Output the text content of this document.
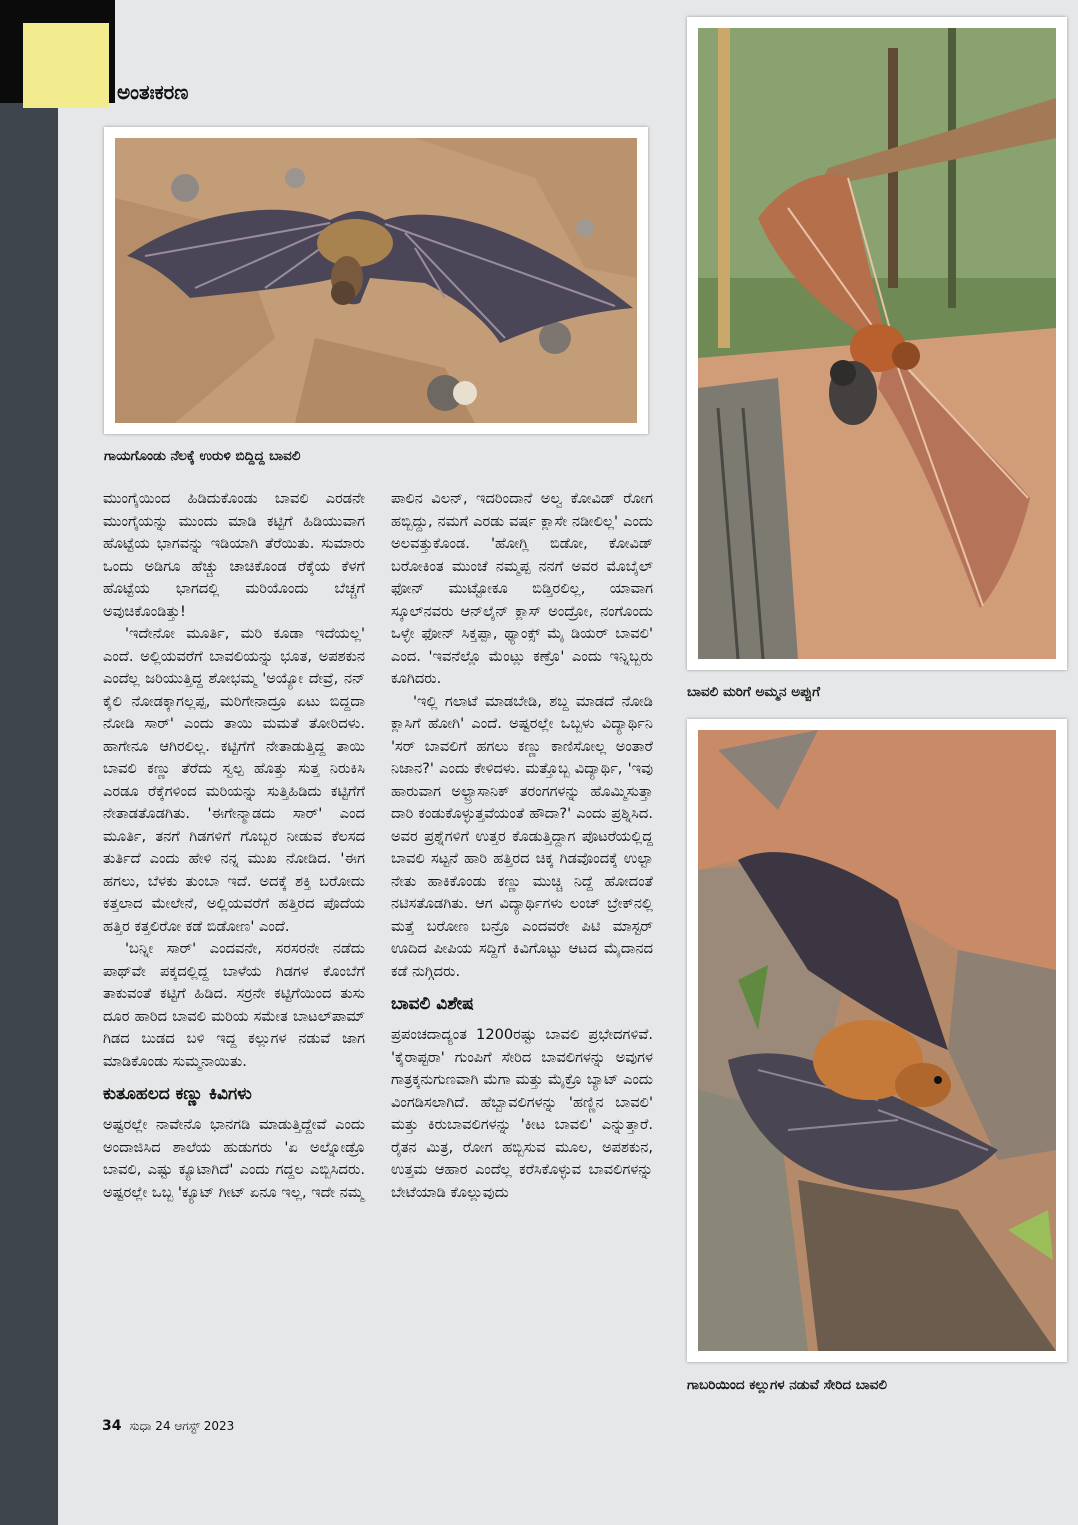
ಅಂತಃಕರಣ
ಗಾಯಗೊಂಡು ನೆಲಕ್ಕೆ ಉರುಳಿ ಬಿದ್ದಿದ್ದ ಬಾವಲಿ
ಬಾವಲಿ ಮರಿಗೆ ಅಮ್ಮನ ಅಪ್ಪುಗೆ
ಗಾಬರಿಯಿಂದ ಕಲ್ಲುಗಳ ನಡುವೆ ಸೇರಿದ ಬಾವಲಿ

ಮುಂಗೈಯಿಂದ ಹಿಡಿದುಕೊಂಡು ಬಾವಲಿ ಎರಡನೇ ಮುಂಗೈಯನ್ನು ಮುಂದು ಮಾಡಿ ಕಟ್ಟಿಗೆ ಹಿಡಿಯುವಾಗ ಹೊಟ್ಟೆಯ ಭಾಗವನ್ನು ಇಡಿಯಾಗಿ ತೆರೆಯಿತು. ಸುಮಾರು ಒಂದು ಅಡಿಗೂ ಹೆಚ್ಚು ಚಾಚಿಕೊಂಡ ರೆಕ್ಕೆಯ ಕೆಳಗೆ ಹೊಟ್ಟೆಯ ಭಾಗದಲ್ಲಿ ಮರಿಯೊಂದು ಬೆಚ್ಚಗೆ ಅವುಚಿಕೊಂಡಿತ್ತು!

'ಇದೇನೋ ಮೂರ್ತಿ, ಮರಿ ಕೂಡಾ ಇದೆಯಲ್ಲ' ಎಂದೆ. ಅಲ್ಲಿಯವರೆಗೆ ಬಾವಲಿಯನ್ನು ಭೂತ, ಅಪಶಕುನ ಎಂದೆಲ್ಲ ಜರಿಯುತ್ತಿದ್ದ ಶೋಭಮ್ಮ 'ಅಯ್ಯೋ ದೇವ್ರೆ, ನನ್ ಕೈಲಿ ನೋಡಕ್ಕಾಗಲ್ಲಪ್ಪ, ಮರಿಗೇನಾದ್ರೂ ಏಟು ಬಿದ್ದದಾ ನೋಡಿ ಸಾರ್' ಎಂದು ತಾಯಿ ಮಮತೆ ತೋರಿದಳು. ಹಾಗೇನೂ ಆಗಿರಲಿಲ್ಲ. ಕಟ್ಟಿಗೆಗೆ ನೇತಾಡುತ್ತಿದ್ದ ತಾಯಿ ಬಾವಲಿ ಕಣ್ಣು ತೆರೆದು ಸ್ವಲ್ಪ ಹೊತ್ತು ಸುತ್ತ ನಿರುಕಿಸಿ ಎರಡೂ ರೆಕ್ಕೆಗಳಿಂದ ಮರಿಯನ್ನು ಸುತ್ತಿಹಿಡಿದು ಕಟ್ಟಿಗೆಗೆ ನೇತಾಡತೊಡಗಿತು. 'ಈಗೇನ್ಮಾಡದು ಸಾರ್' ಎಂದ ಮೂರ್ತಿ, ತನಗೆ ಗಿಡಗಳಿಗೆ ಗೊಬ್ಬರ ನೀಡುವ ಕೆಲಸದ ತುರ್ತಿದೆ ಎಂದು ಹೇಳಿ ನನ್ನ ಮುಖ ನೋಡಿದ. 'ಈಗ ಹಗಲು, ಬೆಳಕು ತುಂಬಾ ಇದೆ. ಅದಕ್ಕೆ ಶಕ್ತಿ ಬರೋದು ಕತ್ತಲಾದ ಮೇಲೇನೆ, ಅಲ್ಲಿಯವರೆಗೆ ಹತ್ತಿರದ ಪೊದೆಯ ಹತ್ತಿರ ಕತ್ತಲಿರೋ ಕಡೆ ಬಿಡೋಣ' ಎಂದೆ.

'ಬನ್ನೀ ಸಾರ್' ಎಂದವನೇ, ಸರಸರನೇ ನಡೆದು ಪಾಥ್‌ವೇ ಪಕ್ಕದಲ್ಲಿದ್ದ ಬಾಳೆಯ ಗಿಡಗಳ ಕೊಂಬೆಗೆ ತಾಕುವಂತೆ ಕಟ್ಟಿಗೆ ಹಿಡಿದ. ಸರ್ರನೇ ಕಟ್ಟಿಗೆಯಿಂದ ತುಸು ದೂರ ಹಾರಿದ ಬಾವಲಿ ಮರಿಯ ಸಮೇತ ಬಾಟಲ್‌ಪಾಮ್ ಗಿಡದ ಬುಡದ ಬಳಿ ಇದ್ದ ಕಲ್ಲುಗಳ ನಡುವೆ ಜಾಗ ಮಾಡಿಕೊಂಡು ಸುಮ್ಮನಾಯಿತು.

ಕುತೂಹಲದ ಕಣ್ಣು ಕಿವಿಗಳು

ಅಷ್ಟರಲ್ಲೇ ನಾವೇನೊ ಭಾನಗಡಿ ಮಾಡುತ್ತಿದ್ದೇವೆ ಎಂದು ಅಂದಾಜಿಸಿದ ಶಾಲೆಯ ಹುಡುಗರು 'ಏ ಅಲ್ನೋಡ್ರೊ ಬಾವಲಿ, ಎಷ್ಟು ಕ್ಯೂಟಾಗಿದೆ' ಎಂದು ಗದ್ದಲ ಎಬ್ಬಿಸಿದರು. ಅಷ್ಟರಲ್ಲೇ ಒಬ್ಬ 'ಕ್ಯೂಟ್ ಗೀಟ್ ಏನೂ ಇಲ್ಲ, ಇದೇ ನಮ್ಮ

ಪಾಲಿನ ವಿಲನ್, ಇದರಿಂದಾನೆ ಅಲ್ವ ಕೋವಿಡ್ ರೋಗ ಹಬ್ಬಿದ್ದು, ನಮಗೆ ಎರಡು ವರ್ಷ ಕ್ಲಾಸೇ ನಡೀಲಿಲ್ಲ' ಎಂದು ಅಲವತ್ತುಕೊಂಡ. 'ಹೋಗ್ಲಿ ಬಿಡೋ, ಕೋವಿಡ್ ಬರೋಕಿಂತ ಮುಂಚೆ ನಮ್ಮಪ್ಪ ನನಗೆ ಅವರ ಮೊಬೈಲ್ ಫೋನ್ ಮುಟ್ಟೋಕೂ ಬಿಡ್ತಿರಲಿಲ್ಲ, ಯಾವಾಗ ಸ್ಕೂಲ್‌ನವರು ಆನ್‌ಲೈನ್ ಕ್ಲಾಸ್ ಅಂದ್ರೋ, ನಂಗೊಂದು ಒಳ್ಳೇ ಫೋನ್ ಸಿಕ್ತಪ್ಪಾ, ಥ್ಯಾಂಕ್ಸ್ ಮೈ ಡಿಯರ್ ಬಾವಲಿ' ಎಂದ. 'ಇವನೆಲ್ಲೊ ಮೆಂಟ್ಲು ಕಣ್ರೊ' ಎಂದು ಇನ್ನಿಬ್ಬರು ಕೂಗಿದರು.

'ಇಲ್ಲಿ ಗಲಾಟೆ ಮಾಡಬೇಡಿ, ಶಬ್ದ ಮಾಡದೆ ನೋಡಿ ಕ್ಲಾಸಿಗೆ ಹೋಗಿ' ಎಂದೆ. ಅಷ್ಟರಲ್ಲೇ ಒಬ್ಬಳು ವಿದ್ಯಾರ್ಥಿನಿ 'ಸರ್ ಬಾವಲಿಗೆ ಹಗಲು ಕಣ್ಣು ಕಾಣಿಸೋಲ್ಲ ಅಂತಾರೆ ನಿಜಾನ?' ಎಂದು ಕೇಳಿದಳು. ಮತ್ತೊಬ್ಬ ವಿದ್ಯಾರ್ಥಿ, 'ಇವು ಹಾರುವಾಗ ಅಲ್ಟ್ರಾಸಾನಿಕ್ ತರಂಗಗಳನ್ನು ಹೊಮ್ಮಿಸುತ್ತಾ ದಾರಿ ಕಂಡುಕೊಳ್ಳುತ್ತವೆಯಂತೆ ಹೌದಾ?' ಎಂದು ಪ್ರಶ್ನಿಸಿದ. ಅವರ ಪ್ರಶ್ನೆಗಳಿಗೆ ಉತ್ತರ ಕೊಡುತ್ತಿದ್ದಾಗ ಪೊಟರೆಯಲ್ಲಿದ್ದ ಬಾವಲಿ ಸಟ್ಟನೆ ಹಾರಿ ಹತ್ತಿರದ ಚಿಕ್ಕ ಗಿಡವೊಂದಕ್ಕೆ ಉಲ್ಟಾ ನೇತು ಹಾಕಿಕೊಂಡು ಕಣ್ಣು ಮುಚ್ಚಿ ನಿದ್ದೆ ಹೋದಂತೆ ನಟಿಸತೊಡಗಿತು. ಆಗ ವಿದ್ಯಾರ್ಥಿಗಳು ಲಂಚ್ ಬ್ರೇಕ್‌ನಲ್ಲಿ ಮತ್ತೆ ಬರೋಣ ಬನ್ರೊ ಎಂದವರೇ ಪಿಟಿ ಮಾಸ್ಟರ್ ಊದಿದ ಪೀಪಿಯ ಸದ್ದಿಗೆ ಕಿವಿಗೊಟ್ಟು ಆಟದ ಮೈದಾನದ ಕಡೆ ನುಗ್ಗಿದರು.

ಬಾವಲಿ ವಿಶೇಷ

ಪ್ರಪಂಚದಾದ್ಯಂತ 1200ರಷ್ಟು ಬಾವಲಿ ಪ್ರಭೇದಗಳಿವೆ. 'ಕೈರಾಪ್ಟರಾ' ಗುಂಪಿಗೆ ಸೇರಿದ ಬಾವಲಿಗಳನ್ನು ಅವುಗಳ ಗಾತ್ರಕ್ಕನುಗುಣವಾಗಿ ಮೆಗಾ ಮತ್ತು ಮೈಕ್ರೊ ಬ್ಯಾಟ್ ಎಂದು ವಿಂಗಡಿಸಲಾಗಿದೆ. ಹೆಬ್ಬಾವಲಿಗಳನ್ನು 'ಹಣ್ಣಿನ ಬಾವಲಿ' ಮತ್ತು ಕಿರುಬಾವಲಿಗಳನ್ನು 'ಕೀಟ ಬಾವಲಿ' ಎನ್ನುತ್ತಾರೆ. ರೈತನ ಮಿತ್ರ, ರೋಗ ಹಬ್ಬಿಸುವ ಮೂಲ, ಅಪಶಕುನ, ಉತ್ತಮ ಆಹಾರ ಎಂದೆಲ್ಲ ಕರೆಸಿಕೊಳ್ಳುವ ಬಾವಲಿಗಳನ್ನು ಬೇಟೆಯಾಡಿ ಕೊಲ್ಲುವುದು

34 ಸುಧಾ 24 ಆಗಸ್ಟ್ 2023
